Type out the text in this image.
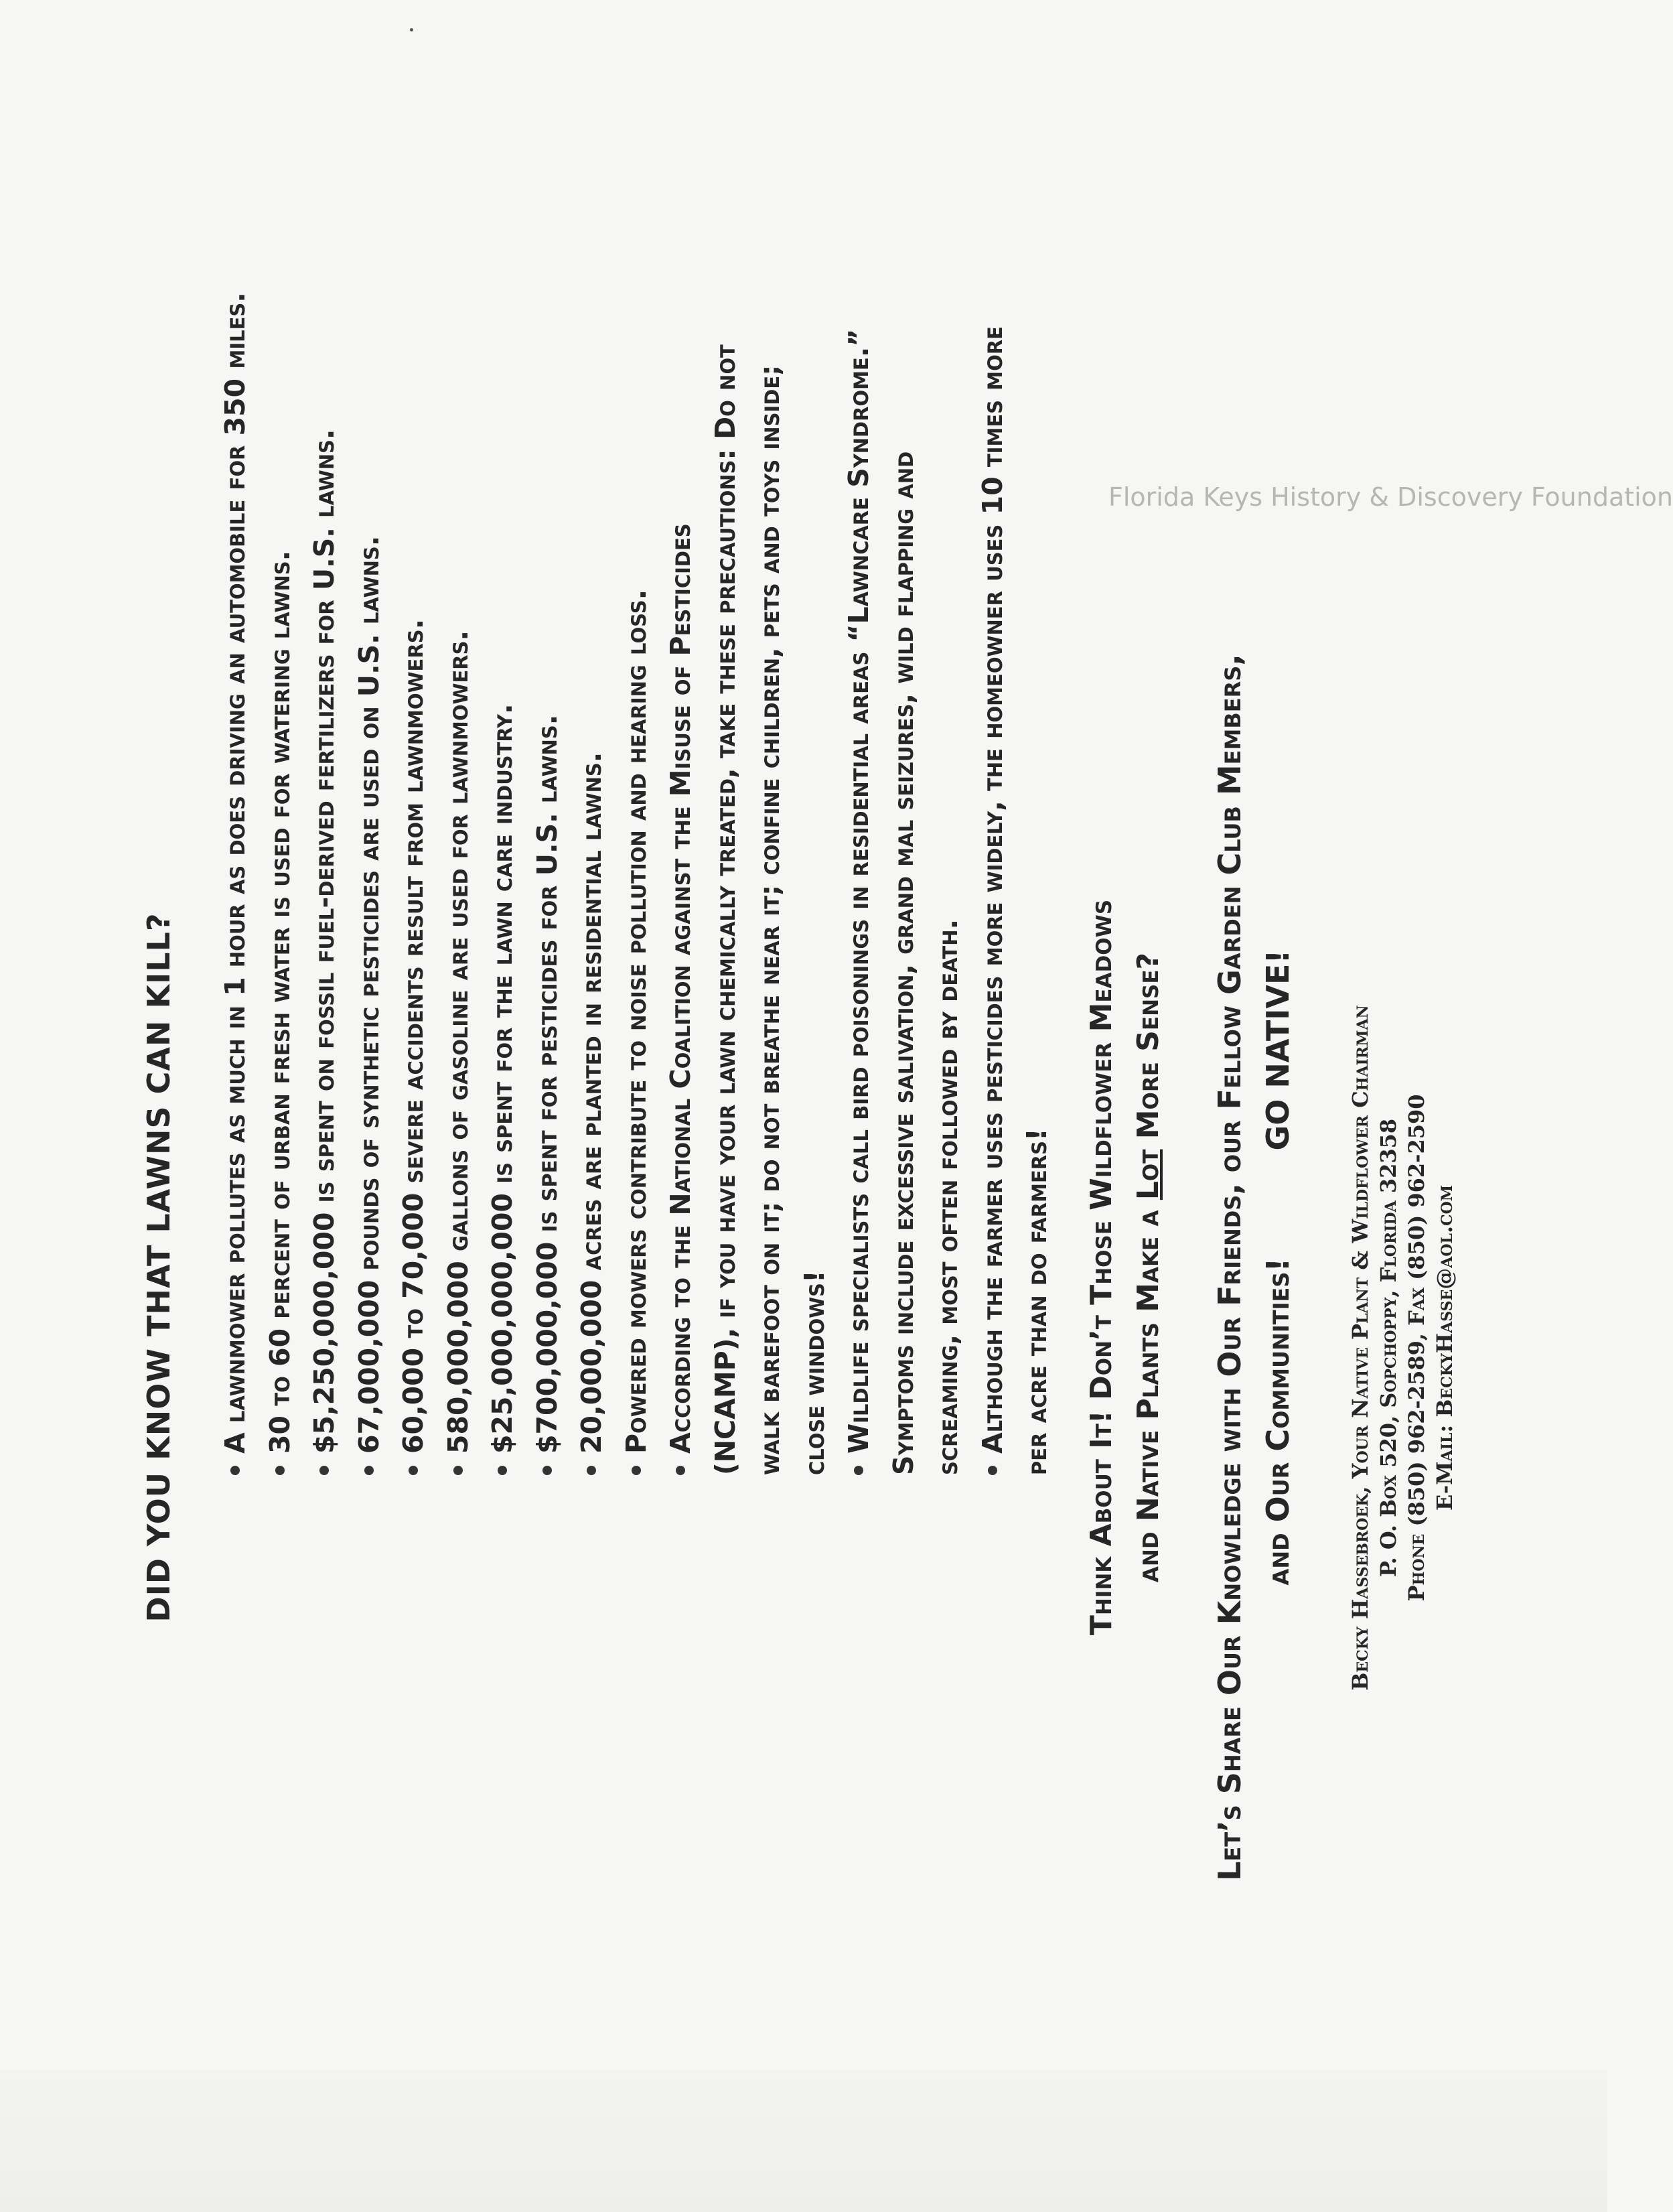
DID YOU KNOW THAT LAWNS CAN KILL? A lawnmower pollutes as much in 1 hour as does driving an automobile for 350 miles. 30 to 60 percent of urban fresh water is used for watering lawns. $5,250,000,000 is spent on fossil fuel-derived fertilizers for U.S. lawns. 67,000,000 pounds of synthetic pesticides are used on U.S. lawns. 60,000 to 70,000 severe accidents result from lawnmowers. 580,000,000 gallons of gasoline are used for lawnmowers. $25,000,000,000 is spent for the lawn care industry. $700,000,000 is spent for pesticides for U.S. lawns. 20,000,000 acres are planted in residential lawns. Powered mowers contribute to noise pollution and hearing loss. According to the National Coalition against the Misuse of Pesticides (NCAMP), if you have your lawn chemically treated, take these precautions: Do not walk barefoot on it; do not breathe near it; confine children, pets and toys inside; close windows! Wildlife specialists call bird poisonings in residential areas “Lawncare Syndrome.” Symptoms include excessive salivation, grand mal seizures, wild flapping and screaming, most often followed by death. Although the farmer uses pesticides more widely, the homeowner uses 10 times more per acre than do farmers! Think About It! Don’t Those Wildflower Meadows and Native Plants Make a Lot More Sense? Let’s Share Our Knowledge with Our Friends, our Fellow Garden Club Members, and Our Communities!          GO NATIVE! Becky Hassebroek, Your Native Plant & Wildflower Chairman P. O. Box 520, Sopchoppy, Florida 32358 Phone (850) 962-2589, Fax (850) 962-2590 E-Mail: BeckyHasse@aol.com
Florida Keys History & Discovery Foundation
